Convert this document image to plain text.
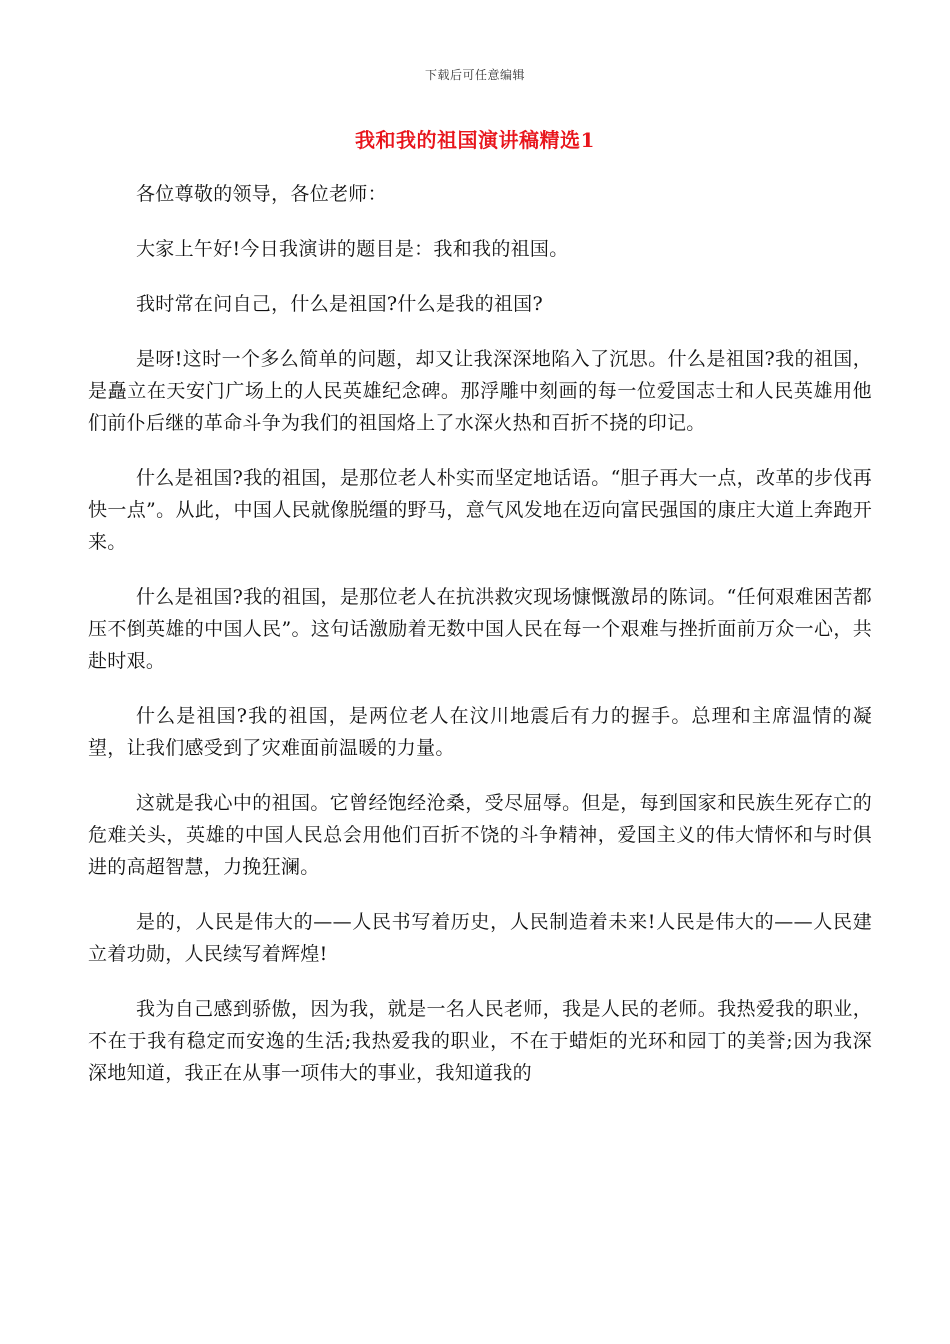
下载后可任意编辑
我和我的祖国演讲稿精选1

各位尊敬的领导，各位老师：

大家上午好!今日我演讲的题目是：我和我的祖国。

我时常在问自己，什么是祖国?什么是我的祖国?

是呀!这时一个多么简单的问题，却又让我深深地陷入了沉思。什么是祖国?我的祖国，是矗立在天安门广场上的人民英雄纪念碑。那浮雕中刻画的每一位爱国志士和人民英雄用他们前仆后继的革命斗争为我们的祖国烙上了水深火热和百折不挠的印记。

什么是祖国?我的祖国，是那位老人朴实而坚定地话语。“胆子再大一点，改革的步伐再快一点”。从此，中国人民就像脱缰的野马，意气风发地在迈向富民强国的康庄大道上奔跑开来。

什么是祖国?我的祖国，是那位老人在抗洪救灾现场慷慨激昂的陈词。“任何艰难困苦都压不倒英雄的中国人民”。这句话激励着无数中国人民在每一个艰难与挫折面前万众一心，共赴时艰。

什么是祖国?我的祖国，是两位老人在汶川地震后有力的握手。总理和主席温情的凝望，让我们感受到了灾难面前温暖的力量。

这就是我心中的祖国。它曾经饱经沧桑，受尽屈辱。但是，每到国家和民族生死存亡的危难关头，英雄的中国人民总会用他们百折不饶的斗争精神，爱国主义的伟大情怀和与时俱进的高超智慧，力挽狂澜。

是的，人民是伟大的——人民书写着历史，人民制造着未来!人民是伟大的——人民建立着功勋，人民续写着辉煌!

我为自己感到骄傲，因为我，就是一名人民老师，我是人民的老师。我热爱我的职业，不在于我有稳定而安逸的生活;我热爱我的职业，不在于蜡炬的光环和园丁的美誉;因为我深深地知道，我正在从事一项伟大的事业，我知道我的
